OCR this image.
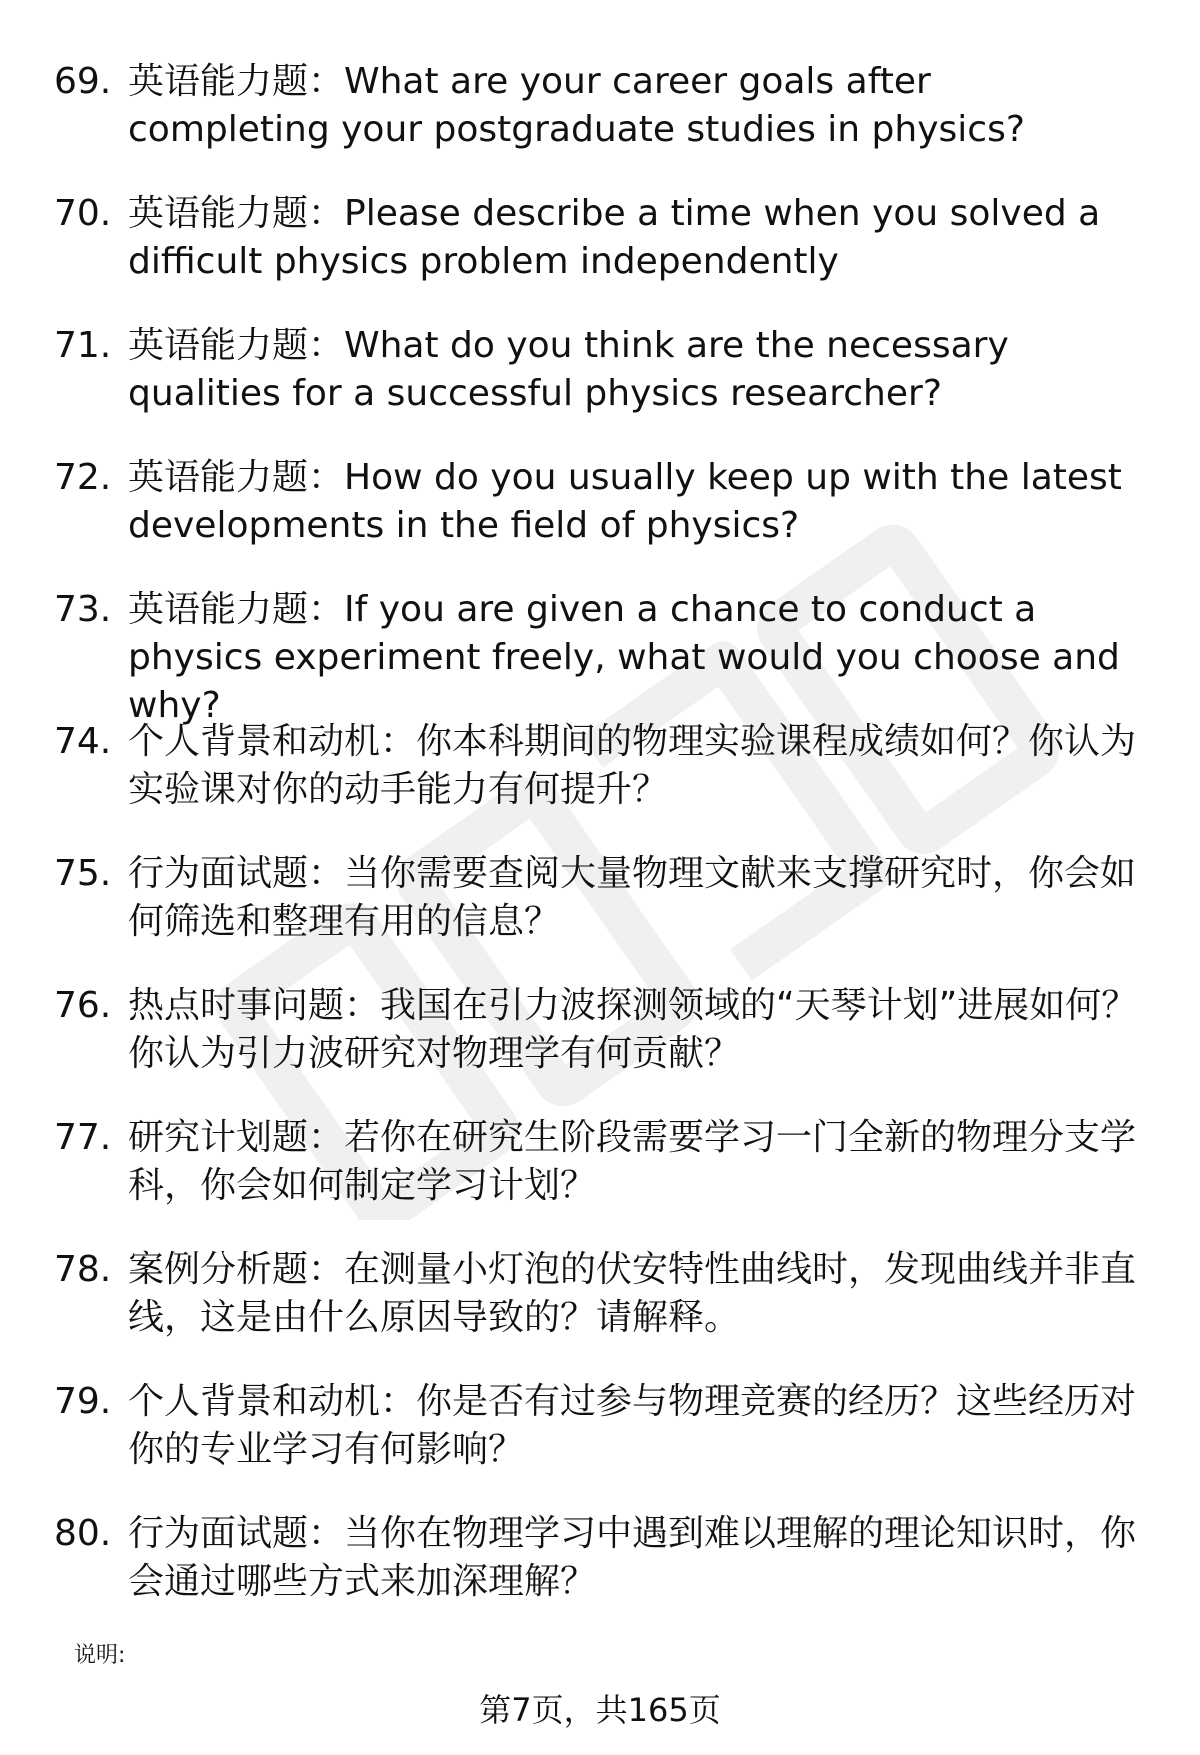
69. 英语能力题：What are your career goals after completing your postgraduate studies in physics?
70. 英语能力题：Please describe a time when you solved a difficult physics problem independently
71. 英语能力题：What do you think are the necessary qualities for a successful physics researcher?
72. 英语能力题：How do you usually keep up with the latest developments in the field of physics?
73. 英语能力题：If you are given a chance to conduct a physics experiment freely, what would you choose and why?
74. 个人背景和动机：你本科期间的物理实验课程成绩如何？你认为实验课对你的动手能力有何提升？
75. 行为面试题：当你需要查阅大量物理文献来支撑研究时，你会如何筛选和整理有用的信息？
76. 热点时事问题：我国在引力波探测领域的“天琴计划”进展如何？你认为引力波研究对物理学有何贡献？
77. 研究计划题：若你在研究生阶段需要学习一门全新的物理分支学科，你会如何制定学习计划？
78. 案例分析题：在测量小灯泡的伏安特性曲线时，发现曲线并非直线，这是由什么原因导致的？请解释。
79. 个人背景和动机：你是否有过参与物理竞赛的经历？这些经历对你的专业学习有何影响？
80. 行为面试题：当你在物理学习中遇到难以理解的理论知识时，你会通过哪些方式来加深理解？
说明:
第7页，共165页
